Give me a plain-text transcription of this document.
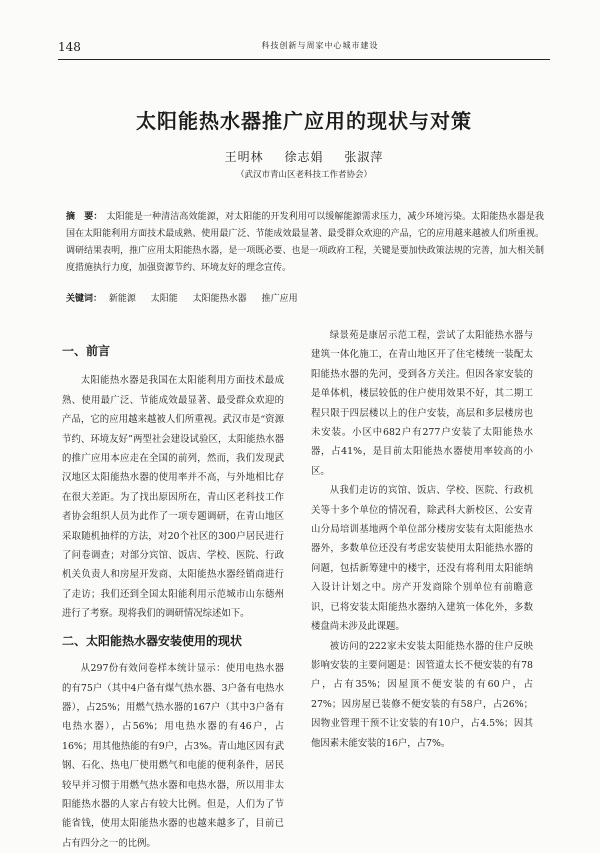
148	科技创新与周家中心城市建设
太阳能热水器推广应用的现状与对策
王明林 徐志娟 张淑萍
（武汉市青山区老科技工作者协会）
摘　要： 太阳能是一种清洁高效能源，对太阳能的开发利用可以缓解能源需求压力，减少环境污染。太阳能热水器是我国在太阳能利用方面技术最成熟、使用最广泛、节能成效最显著、最受群众欢迎的产品，它的应用越来越被人们所重视。调研结果表明，推广应用太阳能热水器，是一项既必要、也是一项政府工程，关键是要加快政策法规的完善，加大相关制度措施执行力度，加强资源节约、环境友好的理念宣传。
关键词： 新能源 太阳能 太阳能热水器 推广应用
一、前言

太阳能热水器是我国在太阳能利用方面技术最成熟、使用最广泛、节能成效最显著、最受群众欢迎的产品，它的应用越来越被人们所重视。武汉市是“资源节约、环境友好”两型社会建设试验区，太阳能热水器的推广应用本应走在全国的前列，然而，我们发现武汉地区太阳能热水器的使用率并不高，与外地相比存在很大差距。为了找出原因所在，青山区老科技工作者协会组织人员为此作了一项专题调研，在青山地区采取随机抽样的方法，对20个社区的300户居民进行了问卷调查；对部分宾馆、饭店、学校、医院、行政机关负责人和房屋开发商、太阳能热水器经销商进行了走访；我们还到全国太阳能利用示范城市山东德州进行了考察。现将我们的调研情况综述如下。

二、太阳能热水器安装使用的现状

从297份有效问卷样本统计显示：使用电热水器的有75户（其中4户备有煤气热水器、3户备有电热水器），占25%；用燃气热水器的167户（其中3户备有电热水器），占56%；用电热水器的有46户，占16%；用其他热能的有9户，占3%。青山地区因有武钢、石化、热电厂使用燃气和电能的便利条件，居民较早并习惯于用燃气热水器和电热水器，所以用非太阳能热水器的人家占有较大比例。但是，人们为了节能省钱，使用太阳能热水器的也越来越多了，目前已占有四分之一的比例。

绿景苑是康居示范工程，尝试了太阳能热水器与建筑一体化施工，在青山地区开了住宅楼统一装配太阳能热水器的先河，受到各方关注。但因各家安装的是单体机，楼层较低的住户使用效果不好，其二期工程只限于四层楼以上的住户安装，高层和多层楼房也未安装。小区中682户有277户安装了太阳能热水器，占41%，是目前太阳能热水器使用率较高的小区。

从我们走访的宾馆、饭店、学校、医院、行政机关等十多个单位的情况看，除武科大新校区、公安青山分局培训基地两个单位部分楼房安装有太阳能热水器外，多数单位还没有考虑安装使用太阳能热水器的问题，包括新筹建中的楼宇，还没有将利用太阳能纳入设计计划之中。房产开发商除个别单位有前瞻意识，已将安装太阳能热水器纳入建筑一体化外，多数楼盘尚未涉及此课题。

被访问的222家未安装太阳能热水器的住户反映影响安装的主要问题是：因管道太长不便安装的有78户，占有35%；因屋顶不便安装的有60户，占27%；因房屋已装修不便安装的有58户，占26%；因物业管理干预不让安装的有10户，占4.5%；因其他因素未能安装的16户，占7%。
